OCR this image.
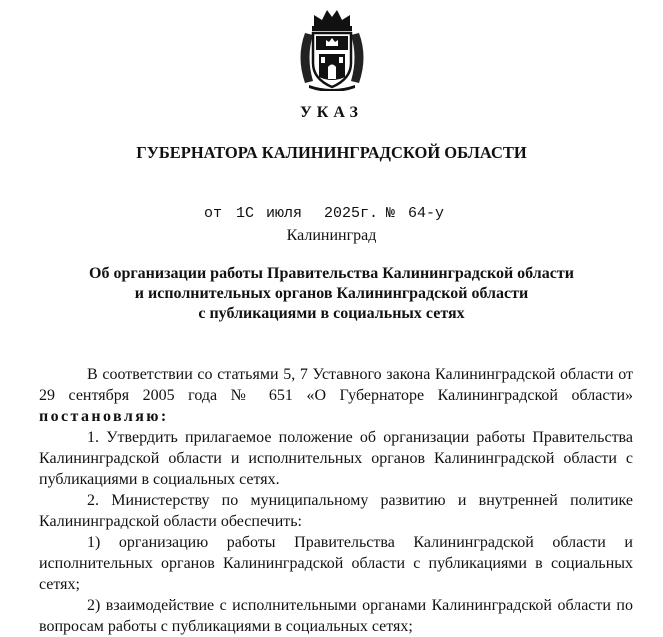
УКАЗ
ГУБЕРНАТОРА КАЛИНИНГРАДСКОЙ ОБЛАСТИ
от 1С июля 2025г. № 64-у
Калининград
Об организации работы Правительства Калининградской области
и исполнительных органов Калининградской области
с публикациями в социальных сетях

В соответствии со статьями 5, 7 Уставного закона Калининградской области от 29 сентября 2005 года № 651 «О Губернаторе Калининградской области» постановляю:

1. Утвердить прилагаемое положение об организации работы Правительства Калининградской области и исполнительных органов Калининградской области с публикациями в социальных сетях.

2. Министерству по муниципальному развитию и внутренней политике Калининградской области обеспечить:

1) организацию работы Правительства Калининградской области и исполнительных органов Калининградской области с публикациями в социальных сетях;

2) взаимодействие с исполнительными органами Калининградской области по вопросам работы с публикациями в социальных сетях;
